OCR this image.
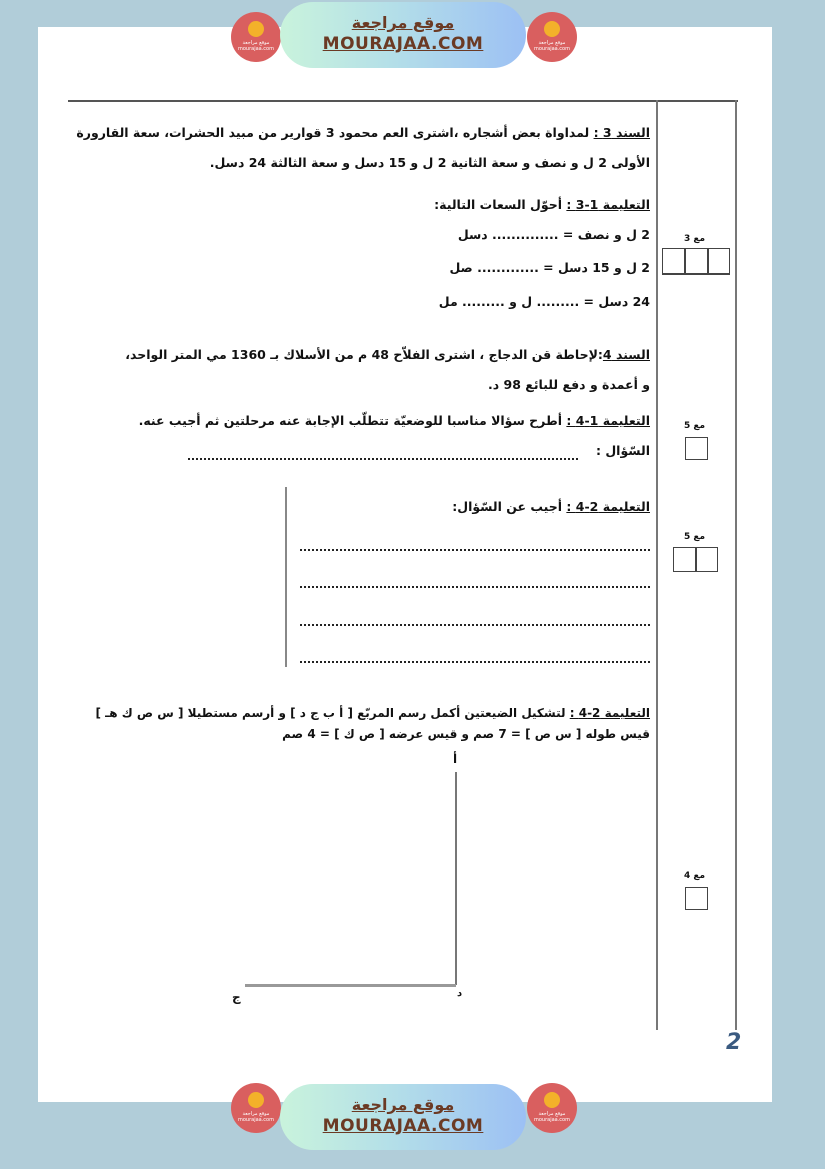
موقع مراجعة mourajaa.com
موقع مراجعة
MOURAJAA.COM	موقع مراجعة mourajaa.com
السند 3 : لمداواة بعض أشجاره ،اشترى العم محمود 3 قوارير من مبيد الحشرات، سعة القارورة
الأولى 2 ل و نصف و سعة الثانية 2 ل و 15 دسل و سعة الثالثة 24 دسل.
التعليمة 1-3 : أحوّل السعات التالية:
2 ل و نصف = .............. دسل
2 ل و 15 دسل = ............. صل
24 دسل = ......... ل و ......... مل
مع 3
السند 4:لإحاطة قن الدجاج ، اشترى الفلاّح 48 م من الأسلاك بـ 1360 مي المتر الواحد،
و أعمدة و دفع للبائع 98 د.
التعليمة 1-4 : أطرح سؤالا مناسبا للوضعيّة تتطلّب الإجابة عنه مرحلتين ثم أجيب عنه.
السّؤال :
مع 5
التعليمة 2-4 : أجيب عن السّؤال:
مع 5
التعليمة 2-4 : لتشكيل الضيعتين أكمل رسم المربّع [ أ ب ج د ] و أرسم مستطيلا [ س ص ك هـ ]
قيس طوله [ س ص ] = 7 صم و قيس عرضه [ ص ك ] = 4 صم
أ
د
ج
مع 4
2
موقع مراجعة mourajaa.com
موقع مراجعة
MOURAJAA.COM
موقع مراجعة mourajaa.com
